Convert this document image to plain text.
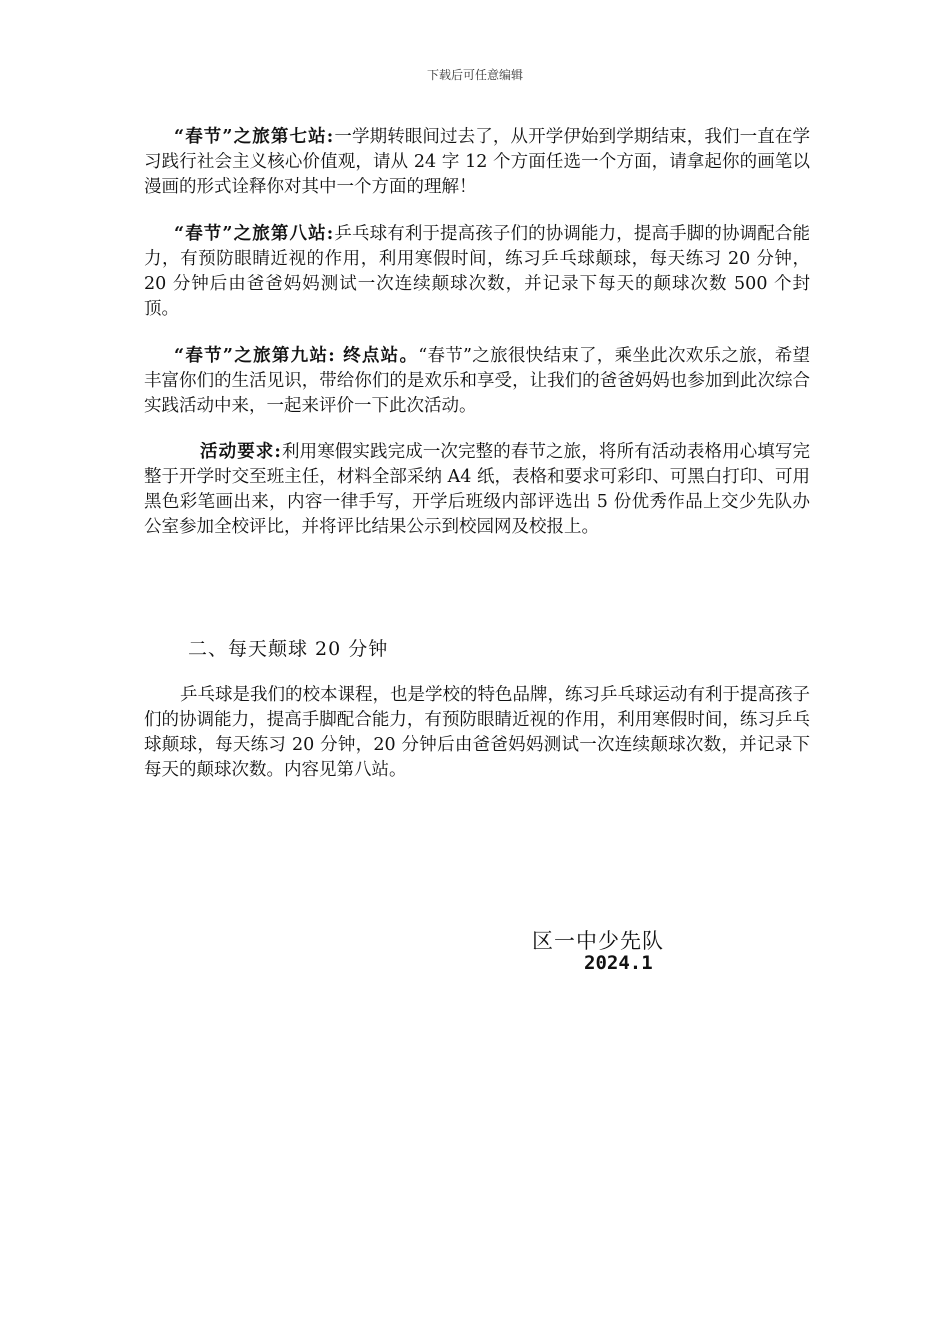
下载后可任意编辑

“春节”之旅第七站:一学期转眼间过去了，从开学伊始到学期结束，我们一直在学习践行社会主义核心价值观，请从 24 字 12 个方面任选一个方面，请拿起你的画笔以漫画的形式诠释你对其中一个方面的理解！

“春节”之旅第八站:乒乓球有利于提高孩子们的协调能力，提高手脚的协调配合能力，有预防眼睛近视的作用，利用寒假时间，练习乒乓球颠球，每天练习 20 分钟，20 分钟后由爸爸妈妈测试一次连续颠球次数，并记录下每天的颠球次数 500 个封顶。

“春节”之旅第九站: 终点站。“春节”之旅很快结束了，乘坐此次欢乐之旅，希望丰富你们的生活见识，带给你们的是欢乐和享受，让我们的爸爸妈妈也参加到此次综合实践活动中来，一起来评价一下此次活动。

活动要求:利用寒假实践完成一次完整的春节之旅，将所有活动表格用心填写完整于开学时交至班主任，材料全部采纳 A4 纸，表格和要求可彩印、可黑白打印、可用黑色彩笔画出来，内容一律手写，开学后班级内部评选出 5 份优秀作品上交少先队办公室参加全校评比，并将评比结果公示到校园网及校报上。

二、每天颠球 20 分钟

乒乓球是我们的校本课程，也是学校的特色品牌，练习乒乓球运动有利于提高孩子们的协调能力，提高手脚配合能力，有预防眼睛近视的作用，利用寒假时间，练习乒乓球颠球，每天练习 20 分钟，20 分钟后由爸爸妈妈测试一次连续颠球次数，并记录下每天的颠球次数。内容见第八站。

区一中少先队

2024.1
